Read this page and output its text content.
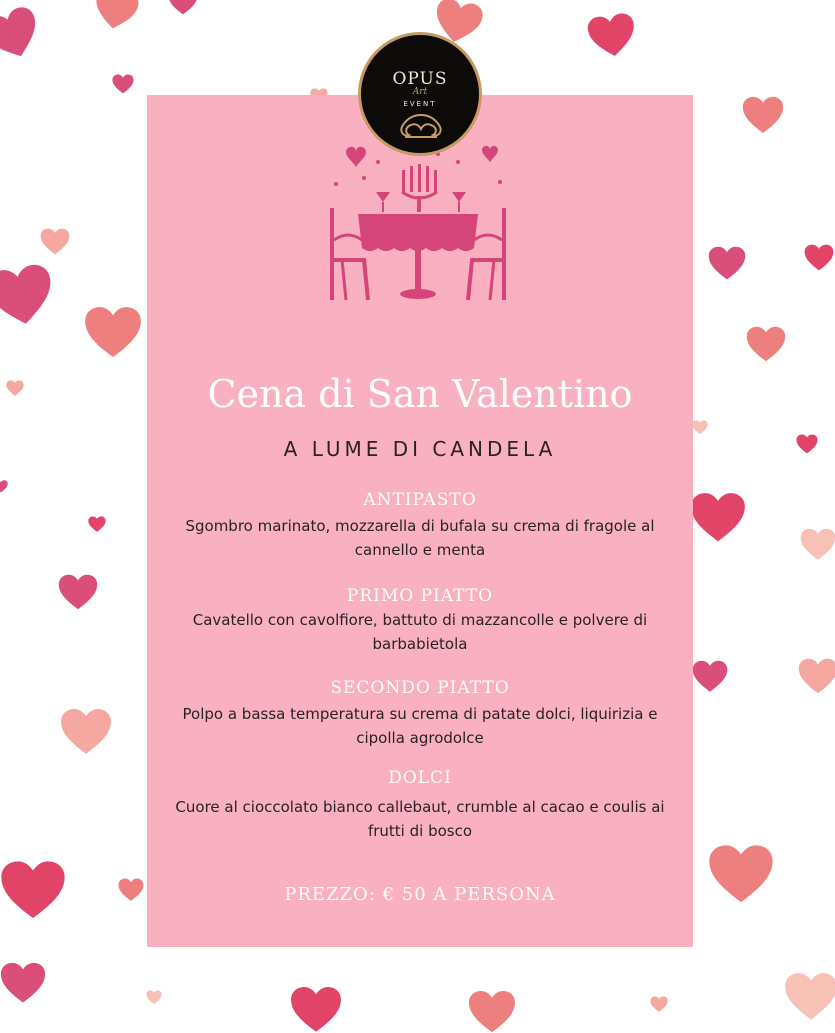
OPUS
Art
EVENT
Cena di San Valentino
A LUME DI CANDELA
ANTIPASTO
Sgombro marinato, mozzarella di bufala su crema di fragole al cannello e menta
PRIMO PIATTO
Cavatello con cavolfiore, battuto di mazzancolle e polvere di barbabietola
SECONDO PIATTO
Polpo a bassa temperatura su crema di patate dolci, liquirizia e cipolla agrodolce
DOLCI
Cuore al cioccolato bianco callebaut, crumble al cacao e coulis ai frutti di bosco
PREZZO: € 50 A PERSONA
